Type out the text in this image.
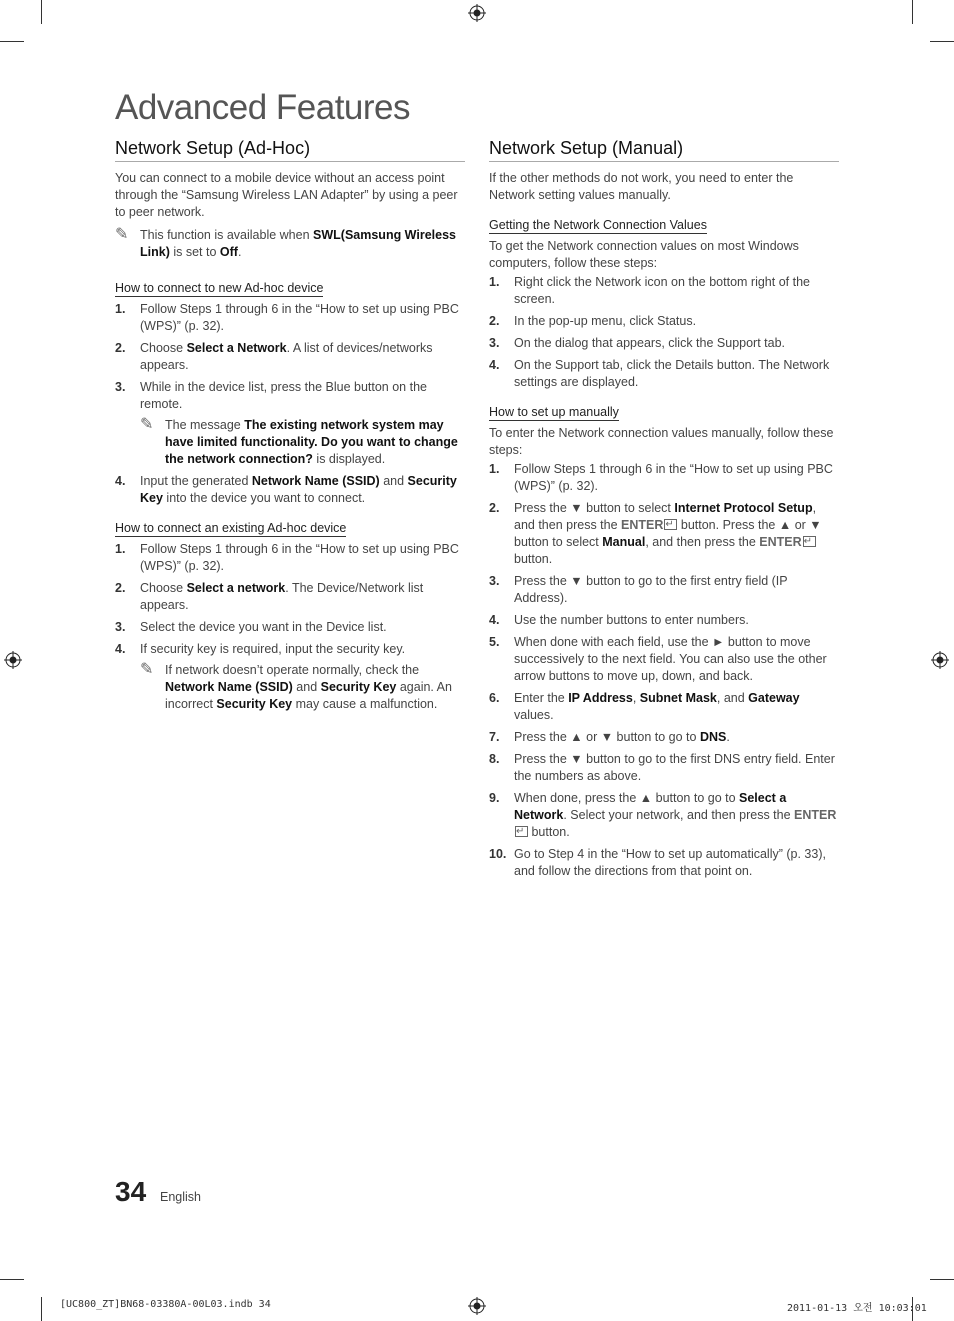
Advanced Features
Network Setup (Ad-Hoc)

You can connect to a mobile device without an access point through the “Samsung Wireless LAN Adapter” by using a peer to peer network.

✎ This function is available when SWL(Samsung Wireless Link) is set to Off.
How to connect to new Ad-hoc device
1.	Follow Steps 1 through 6 in the “How to set up using PBC (WPS)” (p. 32).
2.	Choose Select a Network. A list of devices/networks appears.
3.	While in the device list, press the Blue button on the remote.
✎ The message The existing network system may have limited functionality. Do you want to change the network connection? is displayed.
4.	Input the generated Network Name (SSID) and Security Key into the device you want to connect.
How to connect an existing Ad-hoc device
1.	Follow Steps 1 through 6 in the “How to set up using PBC (WPS)” (p. 32).
2.	Choose Select a network. The Device/Network list appears.
3.	Select the device you want in the Device list.
4.	If security key is required, input the security key.
✎ If network doesn’t operate normally, check the Network Name (SSID) and Security Key again. An incorrect Security Key may cause a malfunction.
Network Setup (Manual)

If the other methods do not work, you need to enter the Network setting values manually.

Getting the Network Connection Values

To get the Network connection values on most Windows computers, follow these steps:

1.	Right click the Network icon on the bottom right of the screen.
2.	In the pop-up menu, click Status.
3.	On the dialog that appears, click the Support tab.
4.	On the Support tab, click the Details button. The Network settings are displayed.
How to set up manually

To enter the Network connection values manually, follow these steps:

1.	Follow Steps 1 through 6 in the “How to set up using PBC (WPS)” (p. 32).
2.	Press the ▼ button to select Internet Protocol Setup, and then press the ENTER↵ button. Press the ▲ or ▼ button to select Manual, and then press the ENTER↵ button.
3.	Press the ▼ button to go to the first entry field (IP Address).
4.	Use the number buttons to enter numbers.
5.	When done with each field, use the ► button to move successively to the next field. You can also use the other arrow buttons to move up, down, and back.
6.	Enter the IP Address, Subnet Mask, and Gateway values.
7.	Press the ▲ or ▼ button to go to DNS.
8.	Press the ▼ button to go to the first DNS entry field. Enter the numbers as above.
9.	When done, press the ▲ button to go to Select a Network. Select your network, and then press the ENTER↵ button.
10. Go to Step 4 in the “How to set up automatically” (p. 33), and follow the directions from that point on.
34 English
[UC800_ZT]BN68-03380A-00L03.indb 34	2011-01-13 오전 10:03:01
